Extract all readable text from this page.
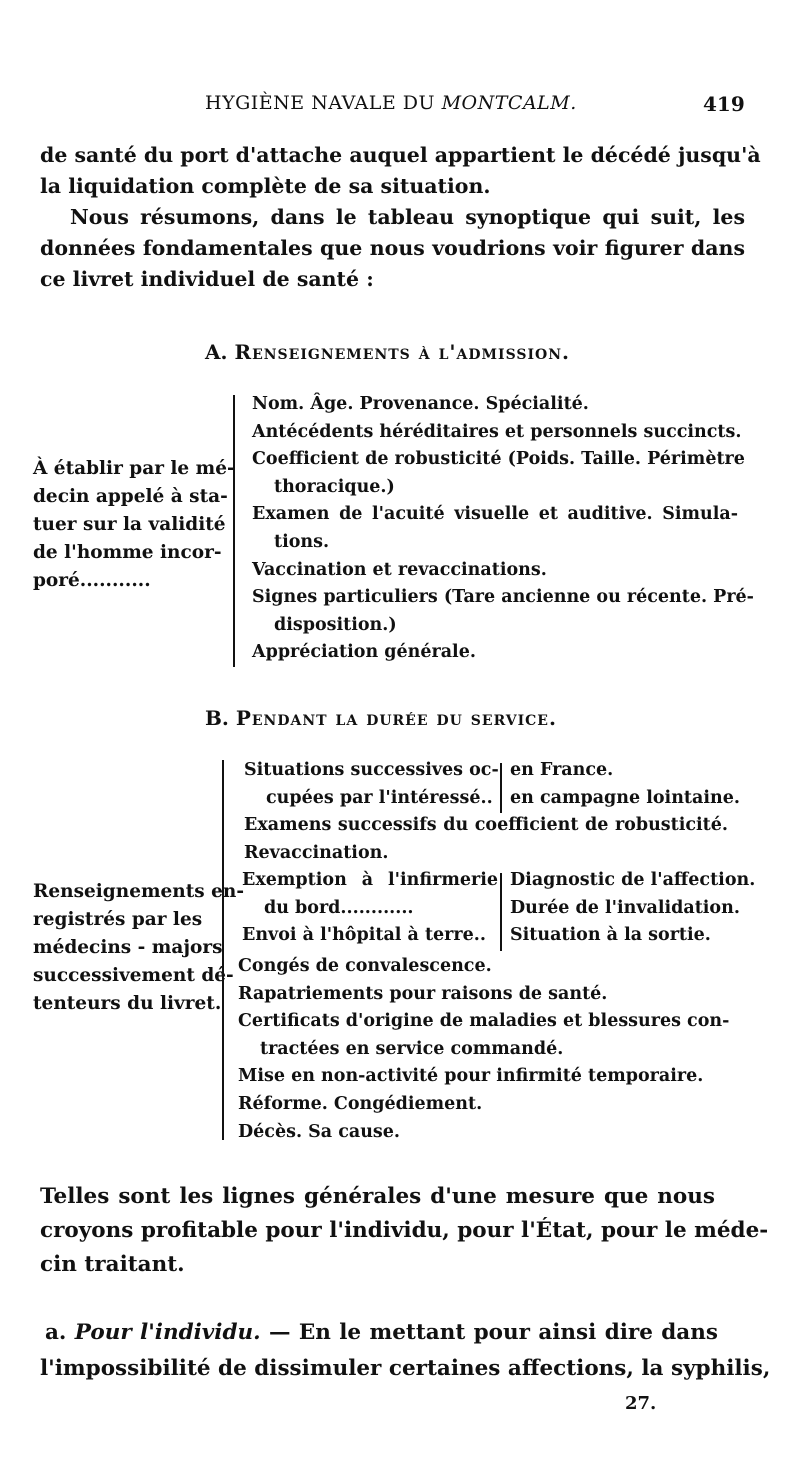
HYGIÈNE NAVALE DU MONTCALM.	419
de santé du port d'attache auquel appartient le décédé jusqu'à
la liquidation complète de sa situation.
Nous résumons, dans le tableau synoptique qui suit, les
données fondamentales que nous voudrions voir figurer dans
ce livret individuel de santé :
A. Renseignements à l'admission.
À établir par le mé-
decin appelé à sta-
tuer sur la validité
de l'homme incor-
poré...........
Nom. Âge. Provenance. Spécialité.
Antécédents héréditaires et personnels succincts.
Coefficient de robusticité (Poids. Taille. Périmètre
thoracique.)
Examen de l'acuité visuelle et auditive. Simula-
tions.
Vaccination et revaccinations.
Signes particuliers (Tare ancienne ou récente. Pré-
disposition.)
Appréciation générale.
B. Pendant la durée du service.
Renseignements en-
registrés par les
médecins - majors
successivement dé-
tenteurs du livret.
Situations successives oc-
cupées par l'intéressé..
en France.
en campagne lointaine.
Examens successifs du coefficient de robusticité.
Revaccination.
Exemption à l'infirmerie
du bord............
Envoi à l'hôpital à terre..
Diagnostic de l'affection.
Durée de l'invalidation.
Situation à la sortie.
Congés de convalescence.
Rapatriements pour raisons de santé.
Certificats d'origine de maladies et blessures con-
tractées en service commandé.
Mise en non-activité pour infirmité temporaire.
Réforme. Congédiement.
Décès. Sa cause.
Telles sont les lignes générales d'une mesure que nous
croyons profitable pour l'individu, pour l'État, pour le méde-
cin traitant.
a. Pour l'individu. — En le mettant pour ainsi dire dans
l'impossibilité de dissimuler certaines affections, la syphilis,
27.
